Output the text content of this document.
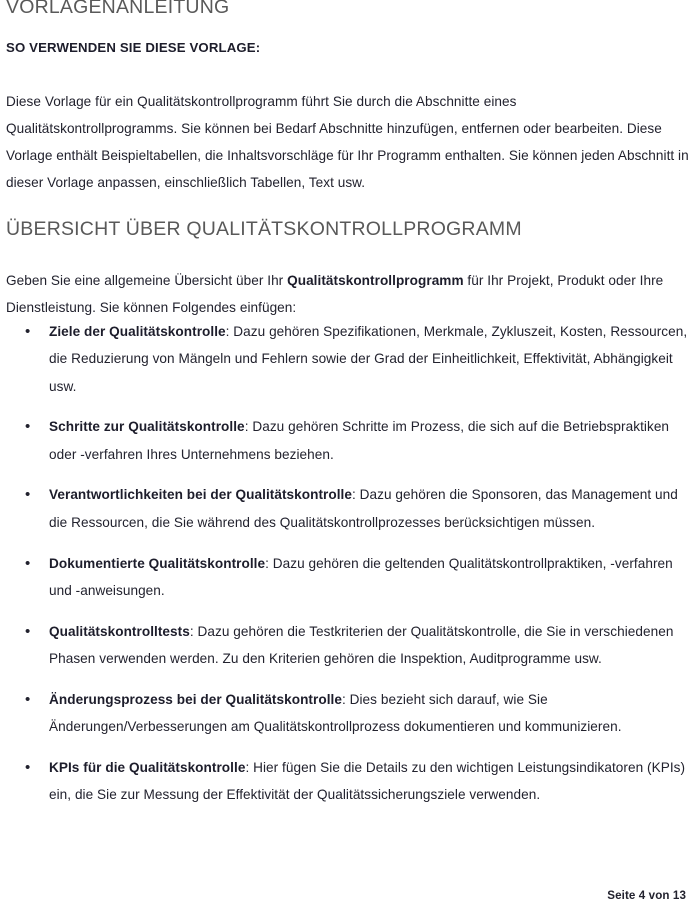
VORLAGENANLEITUNG
SO VERWENDEN SIE DIESE VORLAGE:

Diese Vorlage für ein Qualitätskontrollprogramm führt Sie durch die Abschnitte eines Qualitätskontrollprogramms. Sie können bei Bedarf Abschnitte hinzufügen, entfernen oder bearbeiten. Diese Vorlage enthält Beispieltabellen, die Inhaltsvorschläge für Ihr Programm enthalten. Sie können jeden Abschnitt in dieser Vorlage anpassen, einschließlich Tabellen, Text usw.

ÜBERSICHT ÜBER QUALITÄTSKONTROLLPROGRAMM

Geben Sie eine allgemeine Übersicht über Ihr Qualitätskontrollprogramm für Ihr Projekt, Produkt oder Ihre Dienstleistung. Sie können Folgendes einfügen:

•	Ziele der Qualitätskontrolle: Dazu gehören Spezifikationen, Merkmale, Zykluszeit, Kosten, Ressourcen, die Reduzierung von Mängeln und Fehlern sowie der Grad der Einheitlichkeit, Effektivität, Abhängigkeit usw.
•	Schritte zur Qualitätskontrolle: Dazu gehören Schritte im Prozess, die sich auf die Betriebspraktiken oder -verfahren Ihres Unternehmens beziehen.
•	Verantwortlichkeiten bei der Qualitätskontrolle: Dazu gehören die Sponsoren, das Management und die Ressourcen, die Sie während des Qualitätskontrollprozesses berücksichtigen müssen.
•	Dokumentierte Qualitätskontrolle: Dazu gehören die geltenden Qualitätskontrollpraktiken, -verfahren und -anweisungen.
•	Qualitätskontrolltests: Dazu gehören die Testkriterien der Qualitätskontrolle, die Sie in verschiedenen Phasen verwenden werden. Zu den Kriterien gehören die Inspektion, Auditprogramme usw.
•	Änderungsprozess bei der Qualitätskontrolle: Dies bezieht sich darauf, wie Sie Änderungen/Verbesserungen am Qualitätskontrollprozess dokumentieren und kommunizieren.
•	KPIs für die Qualitätskontrolle: Hier fügen Sie die Details zu den wichtigen Leistungsindikatoren (KPIs) ein, die Sie zur Messung der Effektivität der Qualitätssicherungsziele verwenden.
Seite 4 von 13
